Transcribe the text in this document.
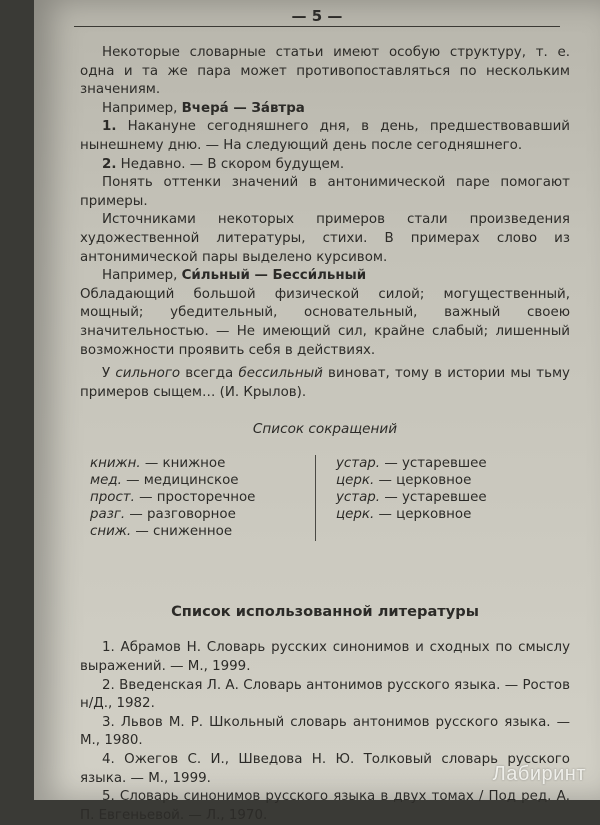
— 5 —

Некоторые словарные статьи имеют особую структуру, т. е. одна и та же пара может противопоставляться по нескольким значениям.

Например, Вчера́ — За́втра

1. Накануне сегодняшнего дня, в день, предшествовавший нынешнему дню. — На следующий день после сегодняшнего.

2. Недавно. — В скором будущем.

Понять оттенки значений в антонимической паре помогают примеры.

Источниками некоторых примеров стали произведения художественной литературы, стихи. В примерах слово из антонимической пары выделено курсивом.

Например, Си́льный — Бесси́льный

Обладающий большой физической силой; могущественный, мощный; убедительный, основательный, важный своею значительностью. — Не имеющий сил, крайне слабый; лишенный возможности проявить себя в действиях.

У сильного всегда бессильный виноват, тому в истории мы тьму примеров сыщем… (И. Крылов).

Список сокращений
книжн. — книжное
мед. — медицинское
прост. — просторечное
разг. — разговорное
сниж. — сниженное
устар. — устаревшее
церк. — церковное
устар. — устаревшее
церк. — церковное
Список использованной литературы

1. Абрамов Н. Словарь русских синонимов и сходных по смыслу выражений. — М., 1999.

2. Введенская Л. А. Словарь антонимов русского языка. — Ростов н/Д., 1982.

3. Львов М. Р. Школьный словарь антонимов русского языка. — М., 1980.

4. Ожегов С. И., Шведова Н. Ю. Толковый словарь русского языка. — М., 1999.

5. Словарь синонимов русского языка в двух томах / Под ред. А. П. Евгеньевой. — Л., 1970.

Лабиринт
